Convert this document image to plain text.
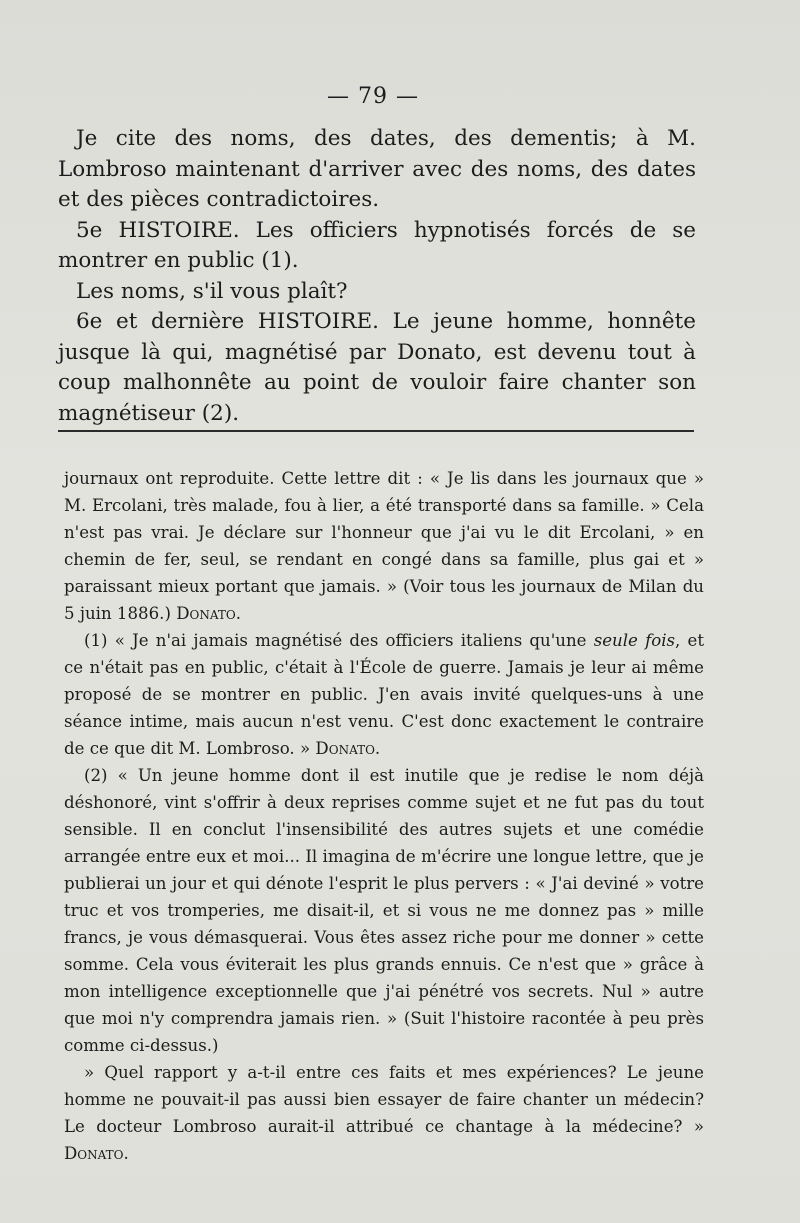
— 79 —

Je cite des noms, des dates, des dementis; à M. Lombroso maintenant d'arriver avec des noms, des dates et des pièces contradictoires.

5e HISTOIRE. Les officiers hypnotisés forcés de se montrer en public (1).

Les noms, s'il vous plaît?

6e et dernière HISTOIRE. Le jeune homme, honnête jusque là qui, magnétisé par Donato, est devenu tout à coup malhonnête au point de vouloir faire chanter son magnétiseur (2).

journaux ont reproduite. Cette lettre dit : « Je lis dans les journaux que » M. Ercolani, très malade, fou à lier, a été transporté dans sa famille. » Cela n'est pas vrai. Je déclare sur l'honneur que j'ai vu le dit Ercolani, » en chemin de fer, seul, se rendant en congé dans sa famille, plus gai et » paraissant mieux portant que jamais. » (Voir tous les journaux de Milan du 5 juin 1886.) Donato.

(1) « Je n'ai jamais magnétisé des officiers italiens qu'une seule fois, et ce n'était pas en public, c'était à l'École de guerre. Jamais je leur ai même proposé de se montrer en public. J'en avais invité quelques-uns à une séance intime, mais aucun n'est venu. C'est donc exactement le contraire de ce que dit M. Lombroso. » Donato.

(2) « Un jeune homme dont il est inutile que je redise le nom déjà déshonoré, vint s'offrir à deux reprises comme sujet et ne fut pas du tout sensible. Il en conclut l'insensibilité des autres sujets et une comédie arrangée entre eux et moi... Il imagina de m'écrire une longue lettre, que je publierai un jour et qui dénote l'esprit le plus pervers : « J'ai deviné » votre truc et vos tromperies, me disait-il, et si vous ne me donnez pas » mille francs, je vous démasquerai. Vous êtes assez riche pour me donner » cette somme. Cela vous éviterait les plus grands ennuis. Ce n'est que » grâce à mon intelligence exceptionnelle que j'ai pénétré vos secrets. Nul » autre que moi n'y comprendra jamais rien. » (Suit l'histoire racontée à peu près comme ci-dessus.)

» Quel rapport y a-t-il entre ces faits et mes expériences? Le jeune homme ne pouvait-il pas aussi bien essayer de faire chanter un médecin? Le docteur Lombroso aurait-il attribué ce chantage à la médecine? » Donato.
